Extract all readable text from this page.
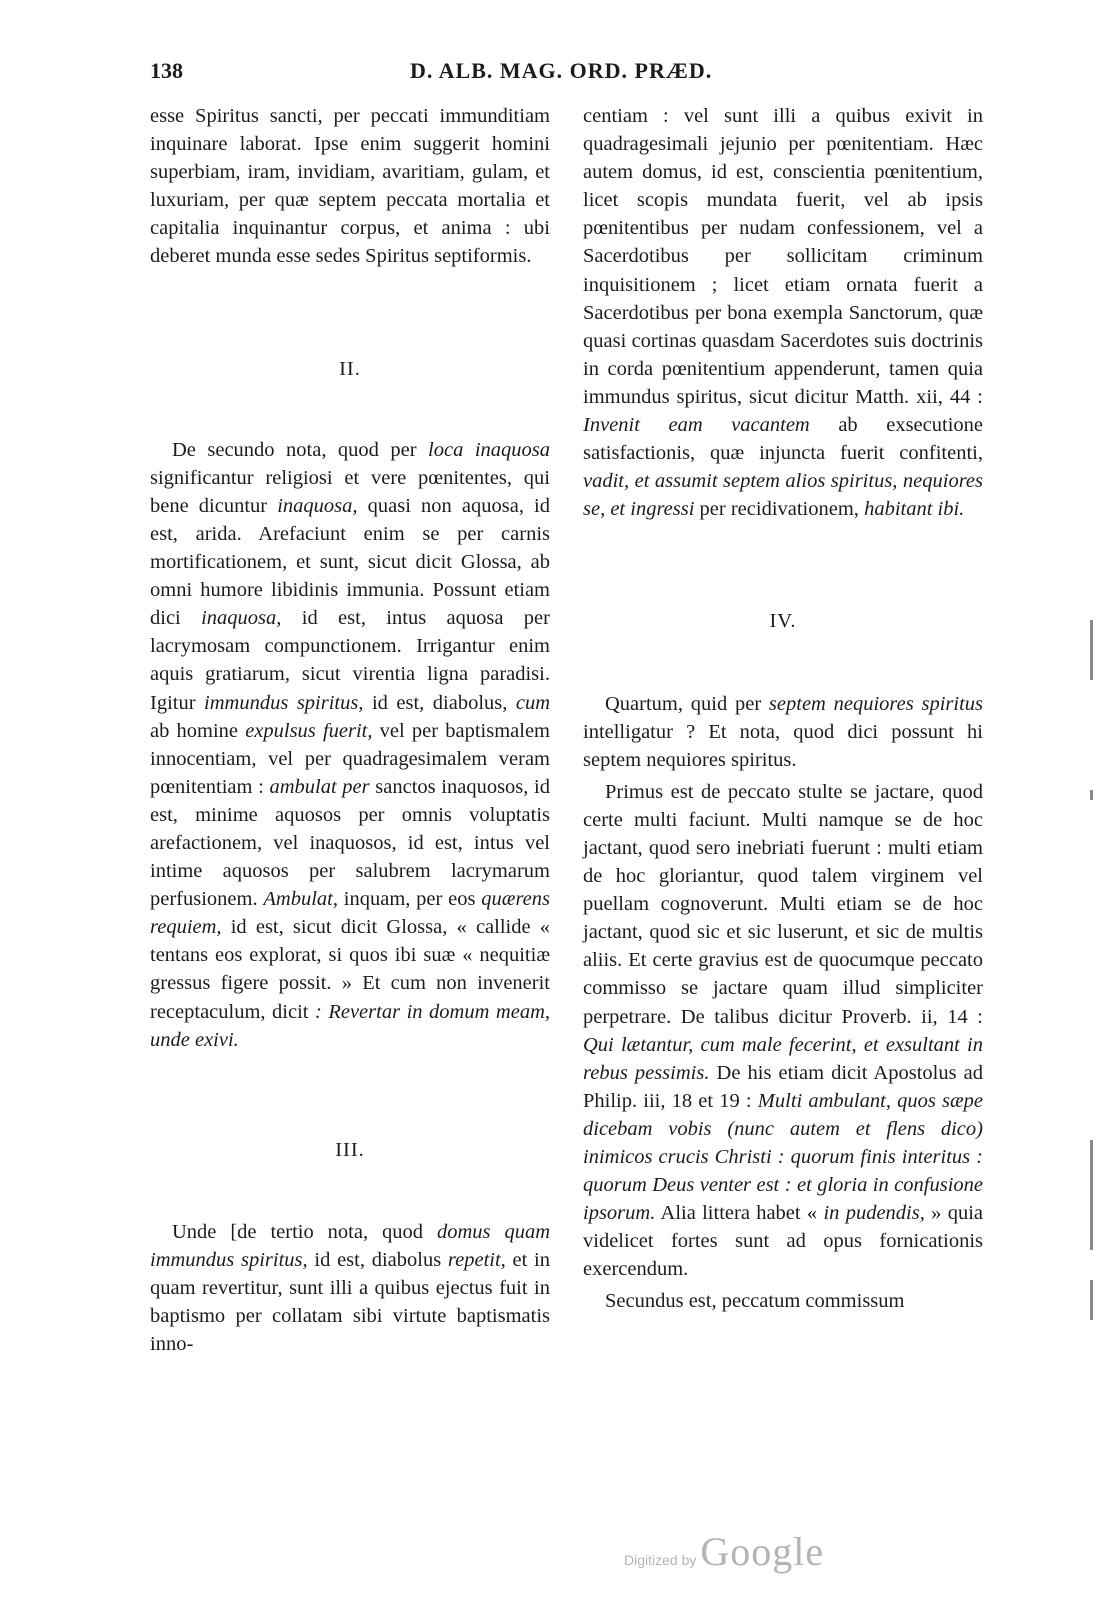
138	D. ALB. MAG. ORD. PRÆD.

esse Spiritus sancti, per peccati immunditiam inquinare laborat. Ipse enim suggerit homini superbiam, iram, invidiam, avaritiam, gulam, et luxuriam, per quæ septem peccata mortalia et capitalia inquinantur corpus, et anima : ubi deberet munda esse sedes Spiritus septiformis.

II.

De secundo nota, quod per loca inaquosa significantur religiosi et vere pœnitentes, qui bene dicuntur inaquosa, quasi non aquosa, id est, arida. Arefaciunt enim se per carnis mortificationem, et sunt, sicut dicit Glossa, ab omni humore libidinis immunia. Possunt etiam dici inaquosa, id est, intus aquosa per lacrymosam compunctionem. Irrigantur enim aquis gratiarum, sicut virentia ligna paradisi. Igitur immundus spiritus, id est, diabolus, cum ab homine expulsus fuerit, vel per baptismalem innocentiam, vel per quadragesimalem veram pœnitentiam : ambulat per sanctos inaquosos, id est, minime aquosos per omnis voluptatis arefactionem, vel inaquosos, id est, intus vel intime aquosos per salubrem lacrymarum perfusionem. Ambulat, inquam, per eos quærens requiem, id est, sicut dicit Glossa, « callide « tentans eos explorat, si quos ibi suæ « nequitiæ gressus figere possit. » Et cum non invenerit receptaculum, dicit : Revertar in domum meam, unde exivi.

III.

Unde [de tertio nota, quod domus quam immundus spiritus, id est, diabolus repetit, et in quam revertitur, sunt illi a quibus ejectus fuit in baptismo per collatam sibi virtute baptismatis inno-

centiam : vel sunt illi a quibus exivit in quadragesimali jejunio per pœnitentiam. Hæc autem domus, id est, conscientia pœnitentium, licet scopis mundata fuerit, vel ab ipsis pœnitentibus per nudam confessionem, vel a Sacerdotibus per sollicitam criminum inquisitionem ; licet etiam ornata fuerit a Sacerdotibus per bona exempla Sanctorum, quæ quasi cortinas quasdam Sacerdotes suis doctrinis in corda pœnitentium appenderunt, tamen quia immundus spiritus, sicut dicitur Matth. xii, 44 : Invenit eam vacantem ab exsecutione satisfactionis, quæ injuncta fuerit confitenti, vadit, et assumit septem alios spiritus, nequiores se, et ingressi per recidivationem, habitant ibi.

IV.

Quartum, quid per septem nequiores spiritus intelligatur ? Et nota, quod dici possunt hi septem nequiores spiritus.

Primus est de peccato stulte se jactare, quod certe multi faciunt. Multi namque se de hoc jactant, quod sero inebriati fuerunt : multi etiam de hoc gloriantur, quod talem virginem vel puellam cognoverunt. Multi etiam se de hoc jactant, quod sic et sic luserunt, et sic de multis aliis. Et certe gravius est de quocumque peccato commisso se jactare quam illud simpliciter perpetrare. De talibus dicitur Proverb. ii, 14 : Qui lætantur, cum male fecerint, et exsultant in rebus pessimis. De his etiam dicit Apostolus ad Philip. iii, 18 et 19 : Multi ambulant, quos sæpe dicebam vobis (nunc autem et flens dico) inimicos crucis Christi : quorum finis interitus : quorum Deus venter est : et gloria in confusione ipsorum. Alia littera habet « in pudendis, » quia videlicet fortes sunt ad opus fornicationis exercendum.

Secundus est, peccatum commissum

Digitized by Google
